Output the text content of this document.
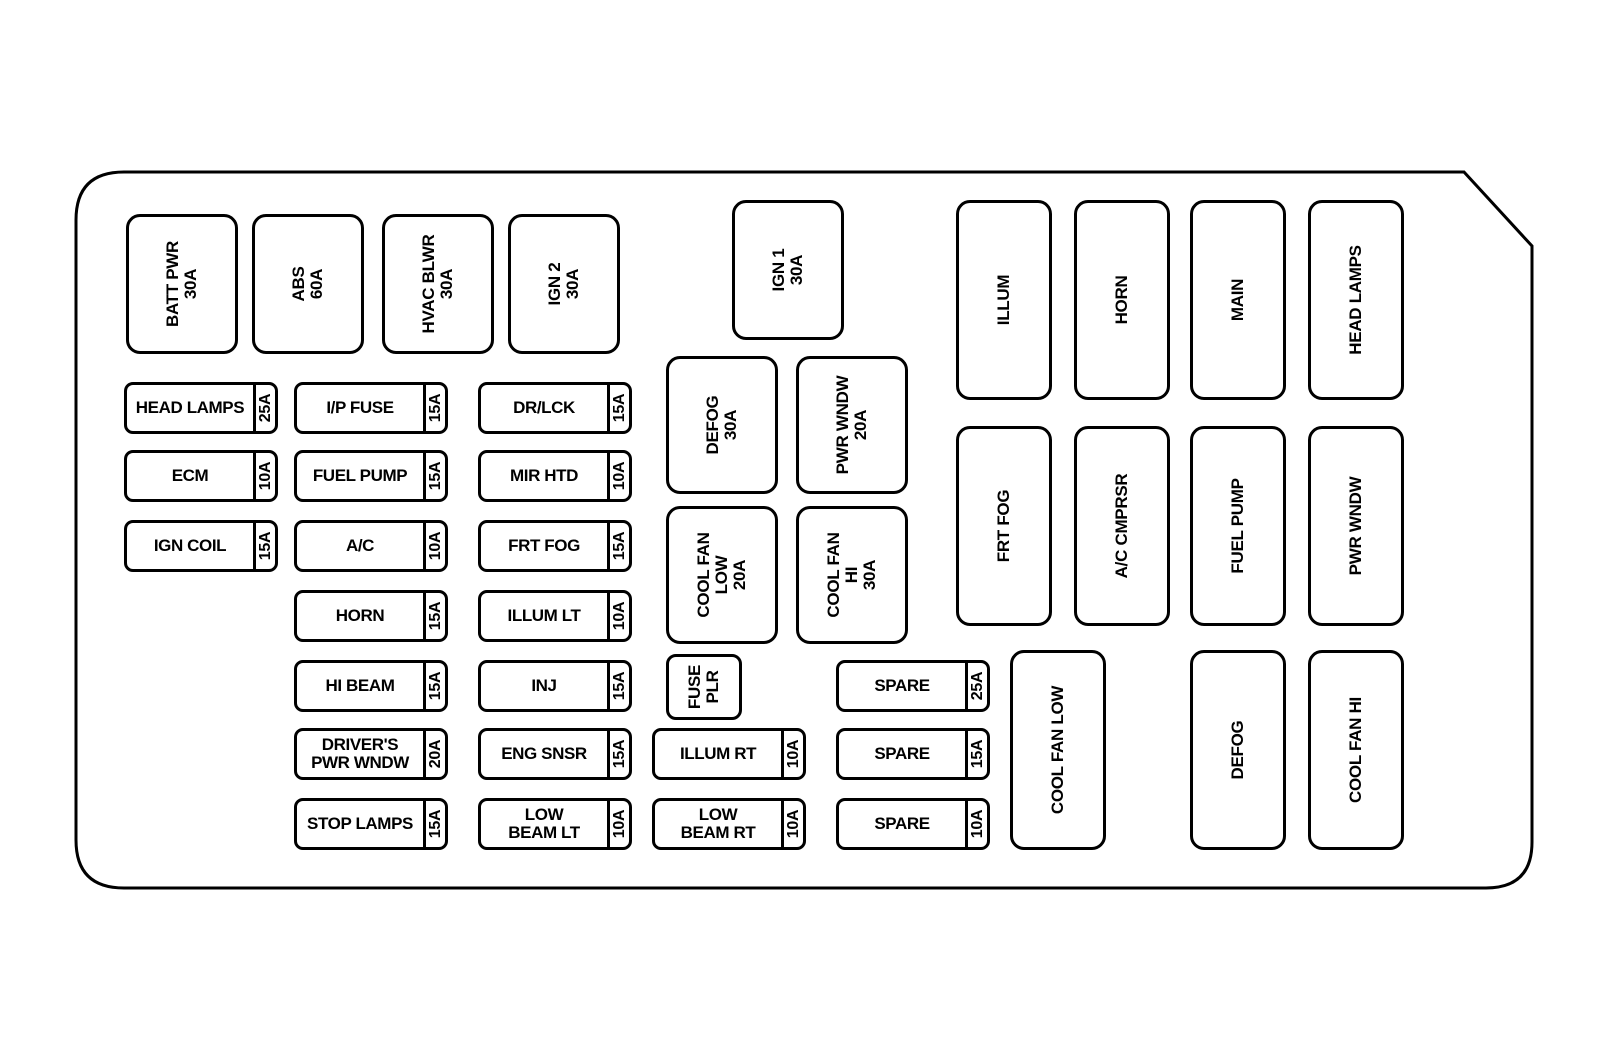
BATT PWR
30A	ABS
60A
HVAC BLWR
30A	IGN 2
30A	IGN 1
30A
DEFOG
30A
PWR WNDW
20A
COOL FAN
LOW
20A	COOL FAN
HI
30A
FUSE
PLR
ILLUM	HORN	MAIN	HEAD LAMPS
FRT FOG	A/C CMPRSR	FUEL PUMP	PWR WNDW
COOL FAN LOW	DEFOG	COOL FAN HI
HEAD LAMPS 25A
ECM	10A
IGN COIL	15A
I/P FUSE	15A
FUEL PUMP	15A
A/C	10A
HORN	15A
HI BEAM	15A
DRIVER'S
PWR WNDW	20A
STOP LAMPS 15A
DR/LCK	15A
MIR HTD	10A
FRT FOG	15A
ILLUM LT	10A
INJ	15A
ENG SNSR	15A
LOW
BEAM LT	10A
ILLUM RT	10A
LOW
BEAM RT	10A
SPARE	25A
SPARE	15A
SPARE	10A
